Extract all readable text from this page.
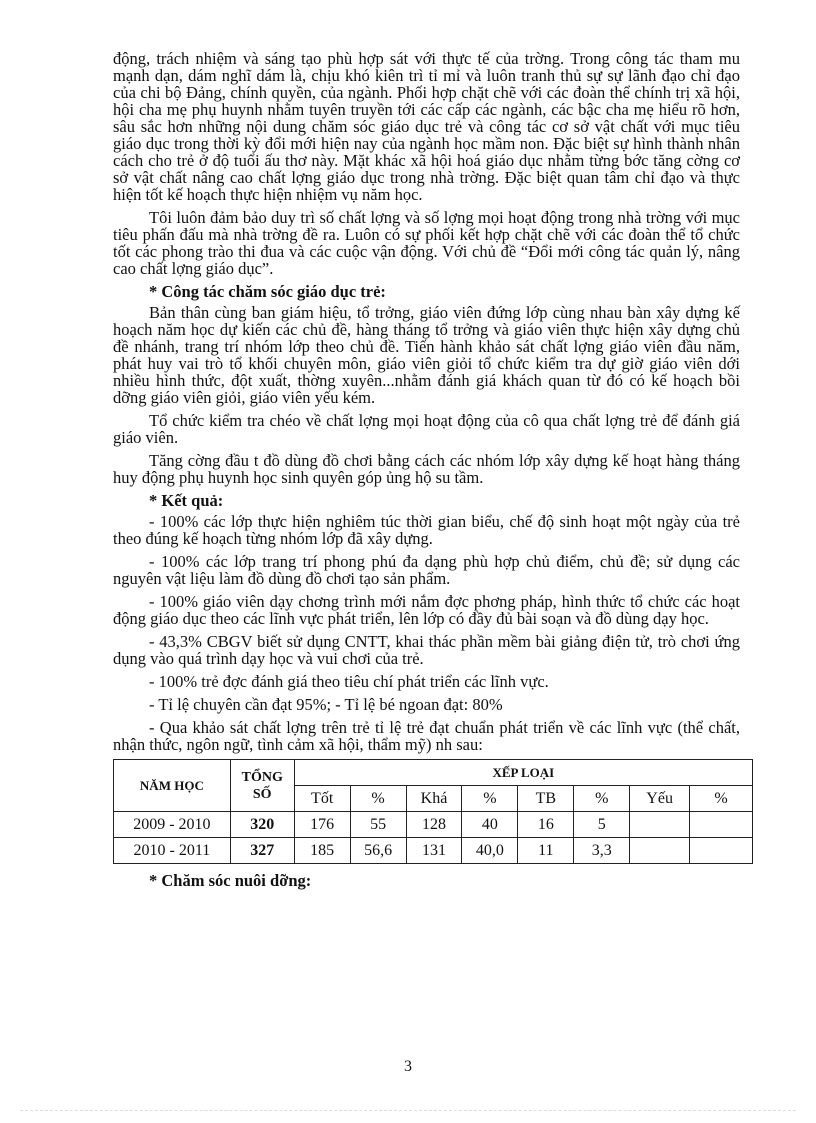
động, trách nhiệm và sáng tạo phù hợp sát với thực tế của trờng. Trong công tác tham mu mạnh dạn, dám nghĩ dám là, chịu khó kiên trì tỉ mỉ và luôn tranh thủ sự sự lãnh đạo chỉ đạo của chi bộ Đảng, chính quyền, của ngành. Phối hợp chặt chẽ với các đoàn thể chính trị xã hội, hội cha mẹ phụ huynh nhằm tuyên truyền tới các cấp các ngành, các bậc cha mẹ hiểu rõ hơn, sâu sắc hơn những nội dung chăm sóc giáo dục trẻ và công tác cơ sở vật chất với mục tiêu giáo dục trong thời kỳ đổi mới hiện nay của ngành học mầm non. Đặc biệt sự hình thành nhân cách cho trẻ ở độ tuổi ấu thơ này. Mặt khác xã hội hoá giáo dục nhằm từng bớc tăng cờng cơ sở vật chất nâng cao chất lợng giáo dục trong nhà trờng. Đặc biệt quan tâm chỉ đạo và thực hiện tốt kế hoạch thực hiện nhiệm vụ năm học.

Tôi luôn đảm bảo duy trì số chất lợng và số lợng mọi hoạt động trong nhà trờng với mục tiêu phấn đấu mà nhà trờng đề ra. Luôn có sự phối kết hợp chặt chẽ với các đoàn thể tổ chức tốt các phong trào thi đua và các cuộc vận động. Với chủ đề “Đổi mới công tác quản lý, nâng cao chất lợng giáo dục”.

* Công tác chăm sóc giáo dục trẻ:

Bản thân cùng ban giám hiệu, tổ trởng, giáo viên đứng lớp cùng nhau bàn xây dựng kế hoạch năm học dự kiến các chủ đề, hàng tháng tổ trởng và giáo viên thực hiện xây dựng chủ đề nhánh, trang trí nhóm lớp theo chủ đề. Tiến hành khảo sát chất lợng giáo viên đầu năm, phát huy vai trò tổ khối chuyên môn, giáo viên giỏi tổ chức kiểm tra dự giờ giáo viên dới nhiều hình thức, đột xuất, thờng xuyên...nhằm đánh giá khách quan từ đó có kế hoạch bồi dỡng giáo viên giỏi, giáo viên yếu kém.

Tổ chức kiểm tra chéo về chất lợng mọi hoạt động của cô qua chất lợng trẻ để đánh giá giáo viên.

Tăng cờng đầu t đồ dùng đồ chơi bằng cách các nhóm lớp xây dựng kế hoạt hàng tháng huy động phụ huynh học sinh quyên góp ủng hộ su tầm.

* Kết quả:

- 100% các lớp thực hiện nghiêm túc thời gian biểu, chế độ sinh hoạt một ngày của trẻ theo đúng kế hoạch từng nhóm lớp đã xây dựng.

- 100% các lớp trang trí phong phú đa dạng phù hợp chủ điểm, chủ đề; sử dụng các nguyên vật liệu làm đồ dùng đồ chơi tạo sản phẩm.

- 100% giáo viên dạy chơng trình mới nắm đợc phơng pháp, hình thức tổ chức các hoạt động giáo dục theo các lĩnh vực phát triển, lên lớp có đầy đủ bài soạn và đồ dùng dạy học.

- 43,3% CBGV biết sử dụng CNTT, khai thác phần mềm bài giảng điện tử, trò chơi ứng dụng vào quá trình dạy học và vui chơi của trẻ.

- 100% trẻ đợc đánh giá theo tiêu chí phát triển các lĩnh vực.

- Tỉ lệ chuyên cần đạt 95%; - Tỉ lệ bé ngoan đạt: 80%

- Qua khảo sát chất lợng trên trẻ tỉ lệ trẻ đạt chuẩn phát triển về các lĩnh vực (thể chất, nhận thức, ngôn ngữ, tình cảm xã hội, thẩm mỹ) nh sau:

NĂM HỌC	TỔNG SỐ	XẾP LOẠI							
		Tốt	%	Khá	%	TB	%	Yếu	%
2009 - 2010	320	176	55	128	40	16	5		
2010 - 2011	327	185	56,6	131	40,0	11	3,3		

* Chăm sóc nuôi dỡng:

3
